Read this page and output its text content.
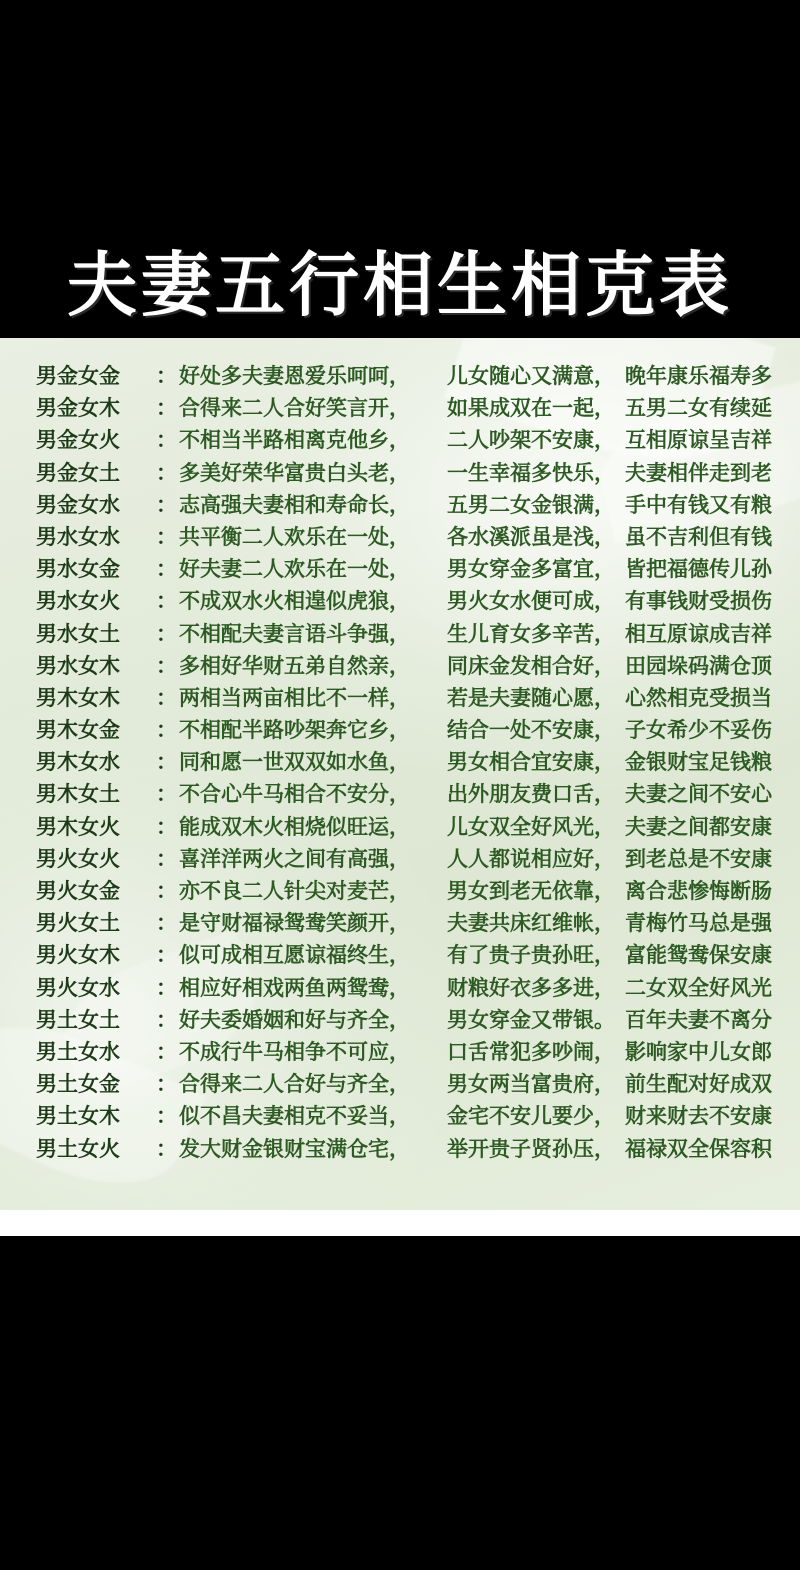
夫妻五行相生相克表
男金女金	： 好处多夫妻恩爱乐呵呵，	儿女随心又满意， 晚年康乐福寿多
男金女木	： 合得来二人合好笑言开，	如果成双在一起， 五男二女有续延
男金女火	： 不相当半路相离克他乡，	二人吵架不安康， 互相原谅呈吉祥
男金女土	： 多美好荣华富贵白头老，	一生幸福多快乐， 夫妻相伴走到老
男金女水	： 志高强夫妻相和寿命长，	五男二女金银满， 手中有钱又有粮
男水女水	： 共平衡二人欢乐在一处，	各水溪派虽是浅， 虽不吉利但有钱
男水女金	： 好夫妻二人欢乐在一处，	男女穿金多富宜， 皆把福德传儿孙
男水女火	： 不成双水火相遑似虎狼，	男火女水便可成， 有事钱财受损伤
男水女土	： 不相配夫妻言语斗争强，	生儿育女多辛苦， 相互原谅成吉祥
男水女木	： 多相好华财五弟自然亲，	同床金发相合好， 田园垛码满仓顶
男木女木	： 两相当两亩相比不一样，	若是夫妻随心愿， 心然相克受损当
男木女金	： 不相配半路吵架奔它乡，	结合一处不安康， 子女希少不妥伤
男木女水	： 同和愿一世双双如水鱼，	男女相合宜安康， 金银财宝足钱粮
男木女土	： 不合心牛马相合不安分，	出外朋友费口舌， 夫妻之间不安心
男木女火	： 能成双木火相烧似旺运，	儿女双全好风光， 夫妻之间都安康
男火女火	： 喜洋洋两火之间有高强，	人人都说相应好， 到老总是不安康
男火女金	： 亦不良二人针尖对麦芒，	男女到老无依靠， 离合悲惨悔断肠
男火女土	： 是守财福禄鸳鸯笑颜开，	夫妻共床红维帐， 青梅竹马总是强
男火女木	： 似可成相互愿谅福终生，	有了贵子贵孙旺， 富能鸳鸯保安康
男火女水	： 相应好相戏两鱼两鸳鸯，	财粮好衣多多进， 二女双全好风光
男土女土	： 好夫委婚姻和好与齐全，	男女穿金又带银。 百年夫妻不离分
男土女水	： 不成行牛马相争不可应，	口舌常犯多吵闹， 影响家中儿女郎
男土女金	： 合得来二人合好与齐全，	男女两当富贵府， 前生配对好成双
男土女木	： 似不昌夫妻相克不妥当，	金宅不安儿要少， 财来财去不安康
男土女火	： 发大财金银财宝满仓宅，	举开贵子贤孙压， 福禄双全保容积
